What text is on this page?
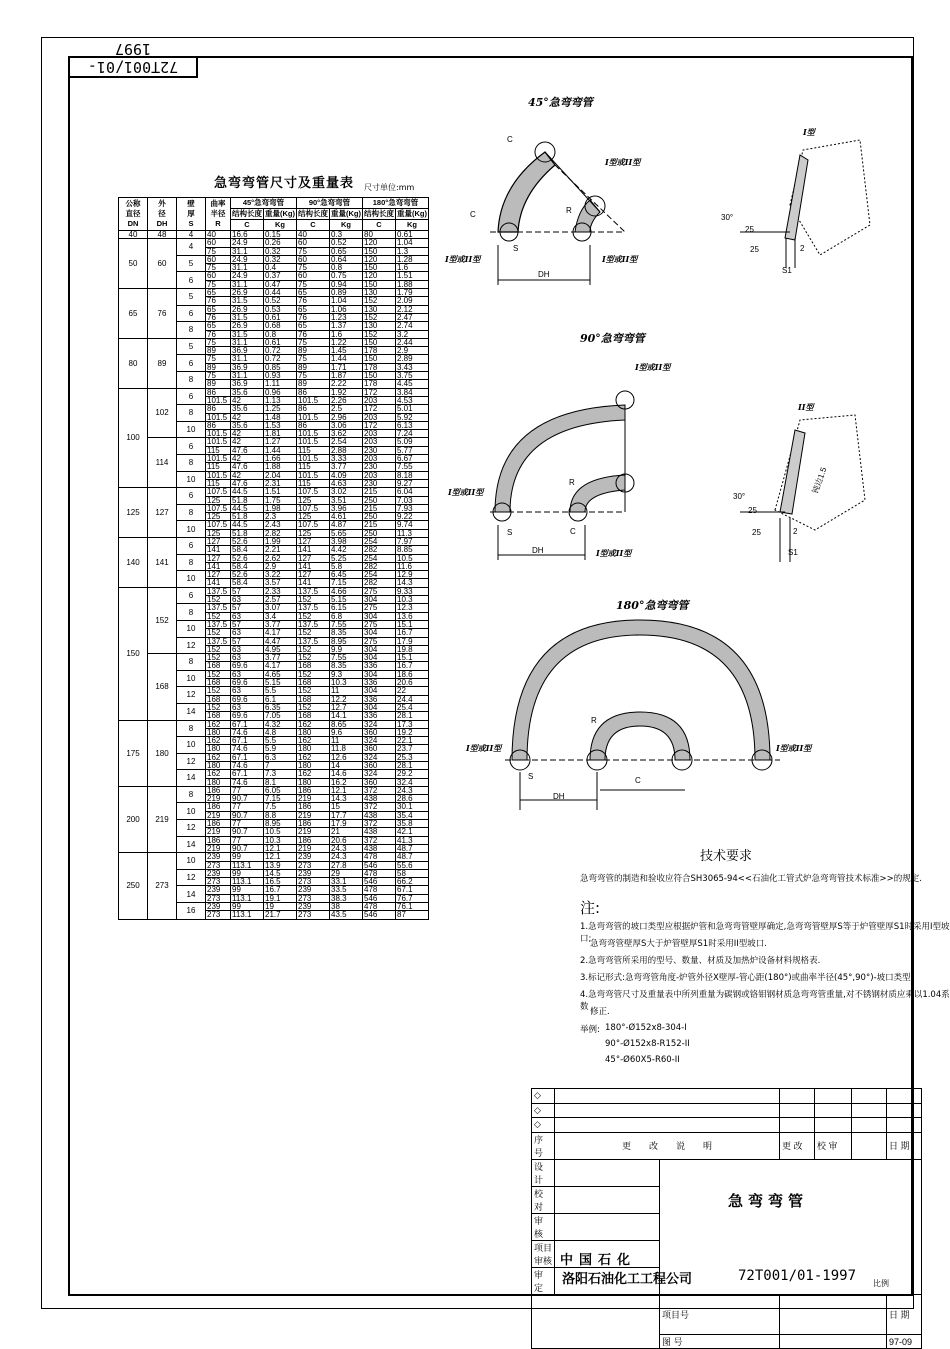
72T001/01-1997
急弯弯管尺寸及重量表 尺寸单位:mm
公称
直径
DN	外
径
DH	壁
厚
S	曲率
半径
R	45°急弯弯管		90°急弯弯管		180°急弯弯管	
				结构长度	重量(Kg)	结构长度	重量(Kg)	结构长度	重量(Kg)
				C	Kg	C	Kg	C	Kg
40	48	4	40	16.6	0.15	40	0.3	80	0.61
50	60	4	60	24.9	0.26	60	0.52	120	1.04
			75	31.1	0.32	75	0.65	150	1.3
		5	60	24.9	0.32	60	0.64	120	1.28
			75	31.1	0.4	75	0.8	150	1.6
		6	60	24.9	0.37	60	0.75	120	1.51
			75	31.1	0.47	75	0.94	150	1.88
65	76	5	65	26.9	0.44	65	0.89	130	1.79
			76	31.5	0.52	76	1.04	152	2.09
		6	65	26.9	0.53	65	1.06	130	2.12
			76	31.5	0.61	76	1.23	152	2.47
		8	65	26.9	0.68	65	1.37	130	2.74
			76	31.5	0.8	76	1.6	152	3.2
80	89	5	75	31.1	0.61	75	1.22	150	2.44
			89	36.9	0.72	89	1.45	178	2.9
		6	75	31.1	0.72	75	1.44	150	2.89
			89	36.9	0.85	89	1.71	178	3.43
		8	75	31.1	0.93	75	1.87	150	3.75
			89	36.9	1.11	89	2.22	178	4.45
100	102	6	86	35.6	0.96	86	1.92	172	3.84
			101.5	42	1.13	101.5	2.26	203	4.53
		8	86	35.6	1.25	86	2.5	172	5.01
			101.5	42	1.48	101.5	2.96	203	5.92
		10	86	35.6	1.53	86	3.06	172	6.13
			101.5	42	1.81	101.5	3.62	203	7.24
	114	6	101.5	42	1.27	101.5	2.54	203	5.09
			115	47.6	1.44	115	2.88	230	5.77
		8	101.5	42	1.66	101.5	3.33	203	6.67
			115	47.6	1.88	115	3.77	230	7.55
		10	101.5	42	2.04	101.5	4.09	203	8.18
			115	47.6	2.31	115	4.63	230	9.27
125	127	6	107.5	44.5	1.51	107.5	3.02	215	6.04
			125	51.8	1.75	125	3.51	250	7.03
		8	107.5	44.5	1.98	107.5	3.96	215	7.93
			125	51.8	2.3	125	4.61	250	9.22
		10	107.5	44.5	2.43	107.5	4.87	215	9.74
			125	51.8	2.82	125	5.65	250	11.3
140	141	6	127	52.6	1.99	127	3.98	254	7.97
			141	58.4	2.21	141	4.42	282	8.85
		8	127	52.6	2.62	127	5.25	254	10.5
			141	58.4	2.9	141	5.8	282	11.6
		10	127	52.6	3.22	127	6.45	254	12.9
			141	58.4	3.57	141	7.15	282	14.3
150	152	6	137.5	57	2.33	137.5	4.66	275	9.33
			152	63	2.57	152	5.15	304	10.3
		8	137.5	57	3.07	137.5	6.15	275	12.3
			152	63	3.4	152	6.8	304	13.6
		10	137.5	57	3.77	137.5	7.55	275	15.1
			152	63	4.17	152	8.35	304	16.7
		12	137.5	57	4.47	137.5	8.95	275	17.9
			152	63	4.95	152	9.9	304	19.8
	168	8	152	63	3.77	152	7.55	304	15.1
			168	69.6	4.17	168	8.35	336	16.7
		10	152	63	4.65	152	9.3	304	18.6
			168	69.6	5.15	168	10.3	336	20.6
		12	152	63	5.5	152	11	304	22
			168	69.6	6.1	168	12.2	336	24.4
		14	152	63	6.35	152	12.7	304	25.4
			168	69.6	7.05	168	14.1	336	28.1
175	180	8	162	67.1	4.32	162	8.65	324	17.3
			180	74.6	4.8	180	9.6	360	19.2
		10	162	67.1	5.5	162	11	324	22.1
			180	74.6	5.9	180	11.8	360	23.7
		12	162	67.1	6.3	162	12.6	324	25.3
			180	74.6	7	180	14	360	28.1
		14	162	67.1	7.3	162	14.6	324	29.2
			180	74.6	8.1	180	16.2	360	32.4
200	219	8	186	77	6.05	186	12.1	372	24.3
			219	90.7	7.15	219	14.3	438	28.6
		10	186	77	7.5	186	15	372	30.1
			219	90.7	8.8	219	17.7	438	35.4
		12	186	77	8.95	186	17.9	372	35.8
			219	90.7	10.5	219	21	438	42.1
		14	186	77	10.3	186	20.6	372	41.3
			219	90.7	12.1	219	24.3	438	48.7
250	273	10	239	99	12.1	239	24.3	478	48.7
			273	113.1	13.9	273	27.8	546	55.6
		12	239	99	14.5	239	29	478	58
			273	113.1	16.5	273	33.1	546	66.2
		14	239	99	16.7	239	33.5	478	67.1
			273	113.1	19.1	273	38.3	546	76.7
		16	239	99	19	239	38	478	76.1
			273	113.1	21.7	273	43.5	546	87
45°急弯弯管
90°急弯弯管
180°急弯弯管
I型
II型
I型或II型
I型或II型	I型或II型
I型或II型
I型或II型
I型或II型
I型或II型	I型或II型
C
C	R
S
DH
R
C
S
DH
R
S
DH
C
30°
25
25	2
S1
30°
25
25	2
S1
钝边1.5
技术要求
急弯弯管的制造和验收应符合SH3065-94<<石油化工管式炉急弯弯管技术标准>>的规定.
注:
1.急弯弯管的坡口类型应根据炉管和急弯弯管壁厚确定,急弯弯管壁厚S等于炉管壁厚S1时采用I型坡口;
急弯弯管壁厚S大于炉管壁厚S1时采用II型坡口.
2.急弯弯管所采用的型号、数量、材质及加热炉设备材料规格表.
3.标记形式:急弯弯管角度-炉管外径X壁厚-管心距(180°)或曲率半径(45°,90°)-坡口类型.
4.急弯弯管尺寸及重量表中所列重量为碳钢或铬钼钢材质急弯弯管重量,对不锈钢材质应乘以1.04系数 修正.
举例: 180°-Ø152x8-304-I
90°-Ø152x8-R152-II
45°-Ø60X5-R60-II
◇						
◇						
◇						
序 号	更　　改　　说　　明		更 改	校 审		日 期
设 计						
校 对						
审 核						
项目审核						
审 定						
		项目号				日 期
		图 号				97-09
急弯弯管
中国石化
洛阳石油化工工程公司	72T001/01-1997 比例
